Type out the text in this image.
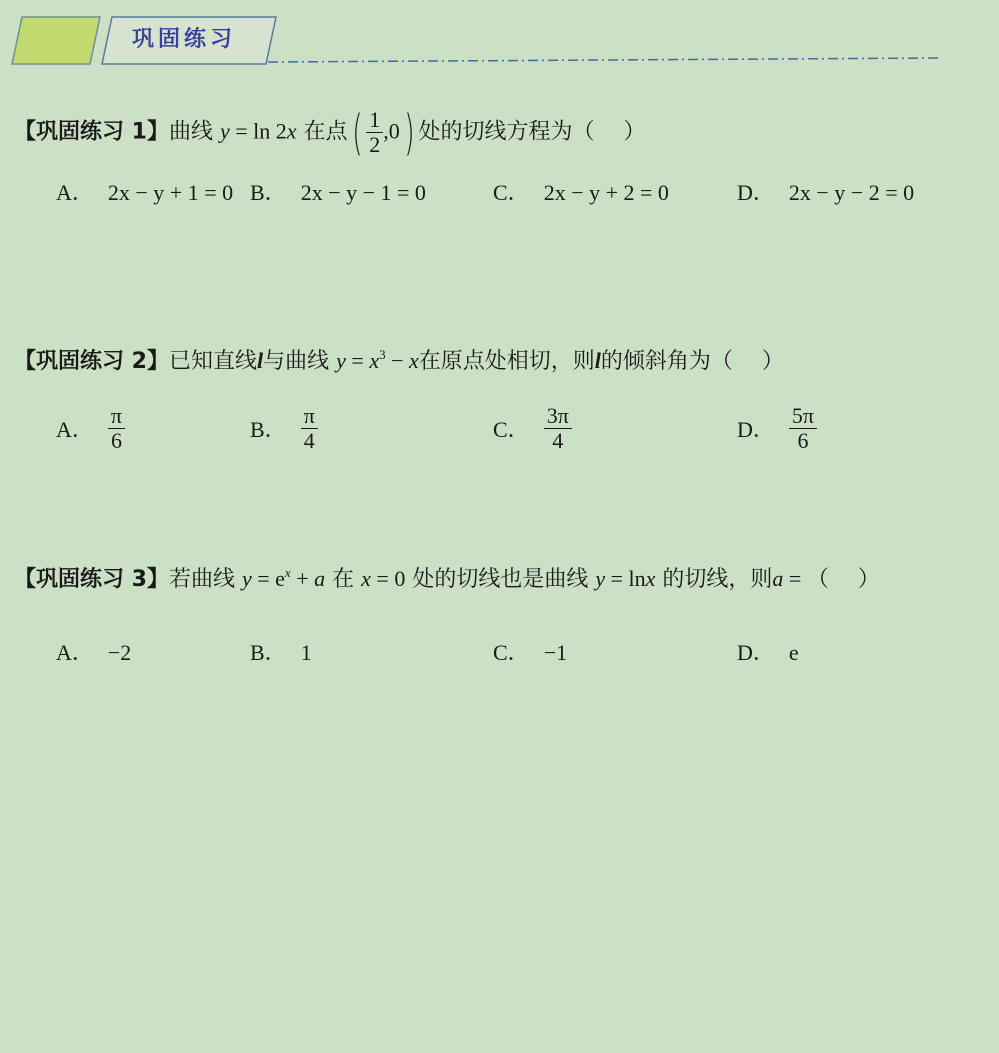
巩固练习
【巩固练习 1】曲线 y = ln 2x 在点( $\frac{1}{2} ,0$) 处的切线方程为（　 ）
A． 2x − y + 1 = 0 B． 2x − y − 1 = 0	C． 2x − y + 2 = 0	D． 2x − y − 2 = 0
【巩固练习 2】已知直线l与曲线 $y = x^3 - x$在原点处相切，则l的倾斜角为（　 ）
A． $\frac{\pi}{6}$	B． $\frac{\pi}{4}$	C． $\frac{3\pi}{4}$	D． $\frac{5\pi}{6}$
【巩固练习 3】若曲线 $y = e^x + a$ 在 x = 0 处的切线也是曲线 y = lnx 的切线，则a = （　 ）
A． −2	B． 1	C． −1	D． e
